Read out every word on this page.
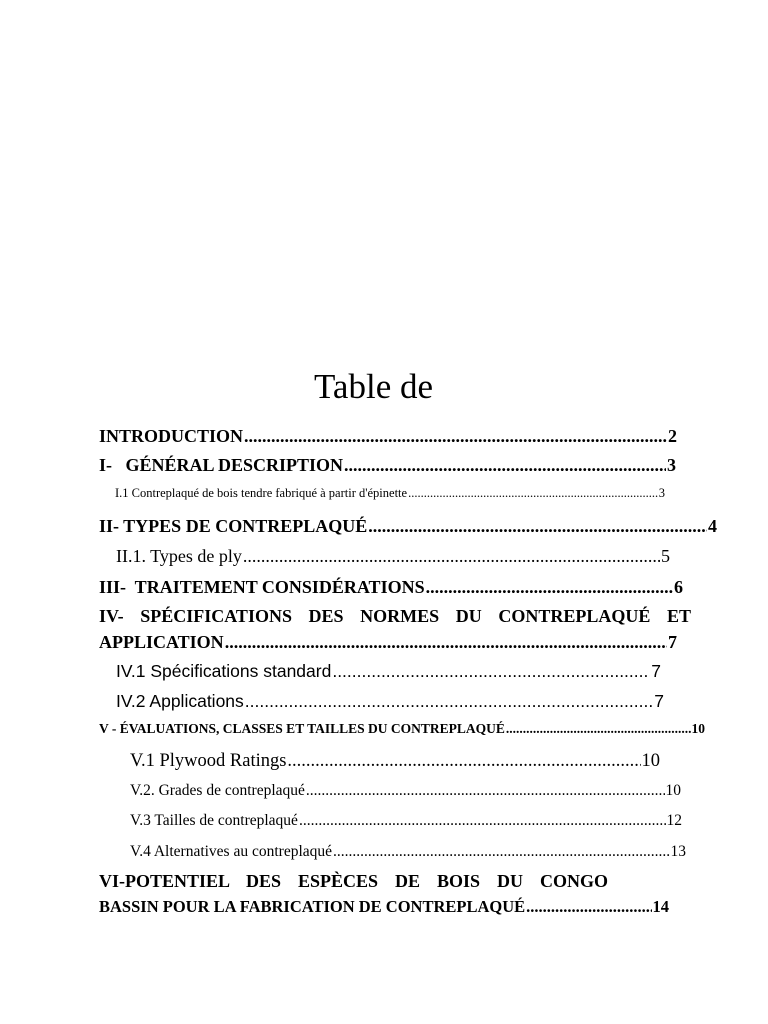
Table de
INTRODUCTION .....	2
I-   GÉNÉRAL DESCRIPTION .....	3
I.1 Contreplaqué de bois tendre fabriqué à partir d'épinette .....	3
II- TYPES DE CONTREPLAQUÉ .....	4
II.1. Types de ply .....	5
III-  TRAITEMENT CONSIDÉRATIONS .....	6
IV- SPÉCIFICATIONS DES NORMES DU CONTREPLAQUÉ ET
APPLICATION .....	7
IV.1 Spécifications standard .....	7
IV.2 Applications .....	7
V - ÉVALUATIONS, CLASSES ET TAILLES DU CONTREPLAQUÉ .....	10
V.1 Plywood Ratings .....	10
V.2. Grades de contreplaqué .....	10
V.3 Tailles de contreplaqué .....	12
V.4 Alternatives au contreplaqué .....	13
VI-POTENTIEL DES ESPÈCES DE BOIS DU CONGO
BASSIN POUR LA FABRICATION DE CONTREPLAQUÉ .....	14
